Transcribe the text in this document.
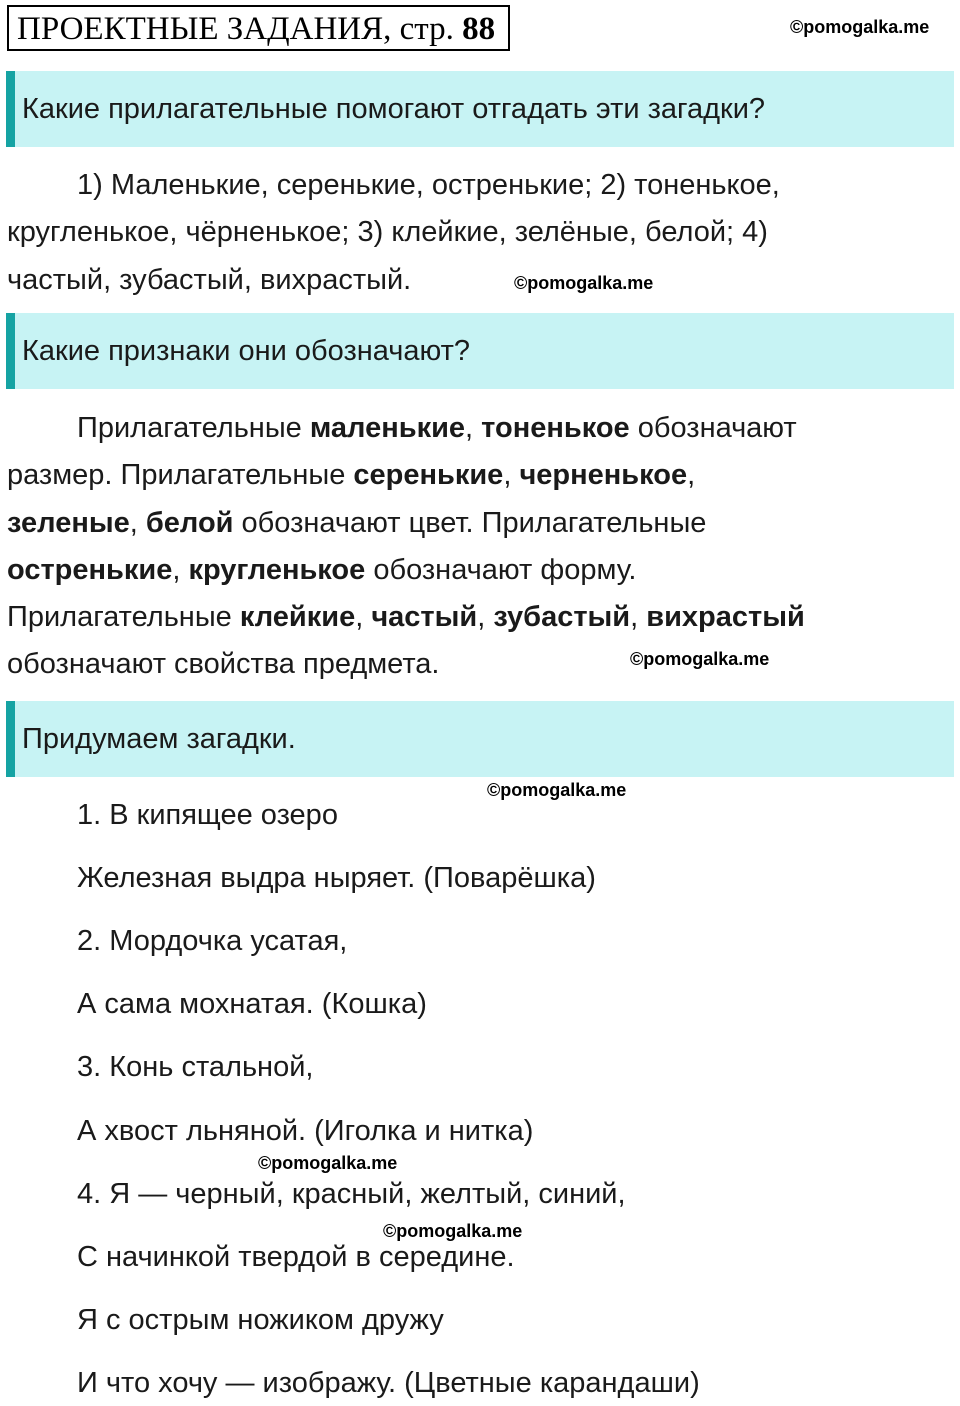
ПРОЕКТНЫЕ ЗАДАНИЯ, стр. 88	©pomogalka.me
Какие прилагательные помогают отгадать эти загадки?
1) Маленькие, серенькие, остренькие; 2) тоненькое,
кругленькое, чёрненькое; 3) клейкие, зелёные, белой; 4)
частый, зубастый, вихрастый.	©pomogalka.me
Какие признаки они обозначают?
Прилагательные маленькие, тоненькое обозначают
размер. Прилагательные серенькие, черненькое,
зеленые, белой обозначают цвет. Прилагательные
остренькие, кругленькое обозначают форму.
Прилагательные клейкие, частый, зубастый, вихрастый
обозначают свойства предмета.	©pomogalka.me
Придумаем загадки.
©pomogalka.me
1. В кипящее озеро
Железная выдра ныряет. (Поварёшка)
2. Мордочка усатая,
А сама мохнатая. (Кошка)
3. Конь стальной,
А хвост льняной. (Иголка и нитка)
©pomogalka.me
4. Я — черный, красный, желтый, синий,
©pomogalka.me
С начинкой твердой в середине.
Я с острым ножиком дружу
И что хочу — изображу. (Цветные карандаши)
